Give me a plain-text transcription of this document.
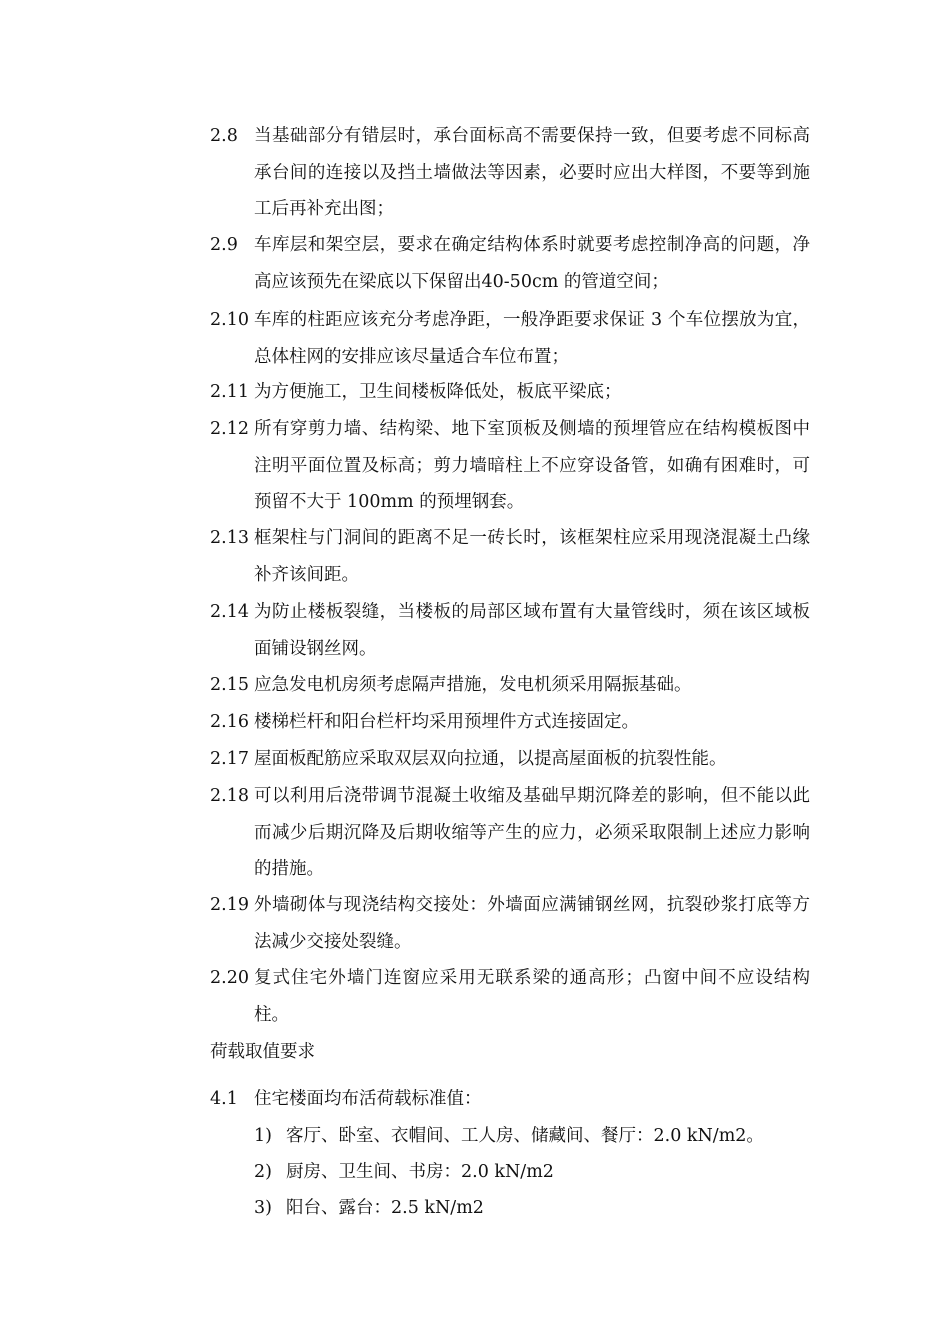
2.8 当基础部分有错层时，承台面标高不需要保持一致，但要考虑不同标高承台间的连接以及挡土墙做法等因素，必要时应出大样图，不要等到施工后再补充出图；
2.9 车库层和架空层，要求在确定结构体系时就要考虑控制净高的问题，净高应该预先在梁底以下保留出40-50cm 的管道空间；
2.10 车库的柱距应该充分考虑净距，一般净距要求保证 3 个车位摆放为宜，总体柱网的安排应该尽量适合车位布置；
2.11 为方便施工，卫生间楼板降低处，板底平梁底；
2.12 所有穿剪力墙、结构梁、地下室顶板及侧墙的预埋管应在结构模板图中注明平面位置及标高；剪力墙暗柱上不应穿设备管，如确有困难时，可预留不大于 100mm 的预埋钢套。
2.13 框架柱与门洞间的距离不足一砖长时，该框架柱应采用现浇混凝土凸缘补齐该间距。
2.14 为防止楼板裂缝，当楼板的局部区域布置有大量管线时，须在该区域板面铺设钢丝网。
2.15 应急发电机房须考虑隔声措施，发电机须采用隔振基础。
2.16 楼梯栏杆和阳台栏杆均采用预埋件方式连接固定。
2.17 屋面板配筋应采取双层双向拉通，以提高屋面板的抗裂性能。
2.18 可以利用后浇带调节混凝土收缩及基础早期沉降差的影响，但不能以此而减少后期沉降及后期收缩等产生的应力，必须采取限制上述应力影响的措施。
2.19 外墙砌体与现浇结构交接处：外墙面应满铺钢丝网，抗裂砂浆打底等方法减少交接处裂缝。
2.20 复式住宅外墙门连窗应采用无联系梁的通高形；凸窗中间不应设结构柱。
荷载取值要求
4.1 住宅楼面均布活荷载标准值：
1) 客厅、卧室、衣帽间、工人房、储藏间、餐厅：2.0 kN/m2。
2) 厨房、卫生间、书房：2.0 kN/m2
3) 阳台、露台：2.5 kN/m2
